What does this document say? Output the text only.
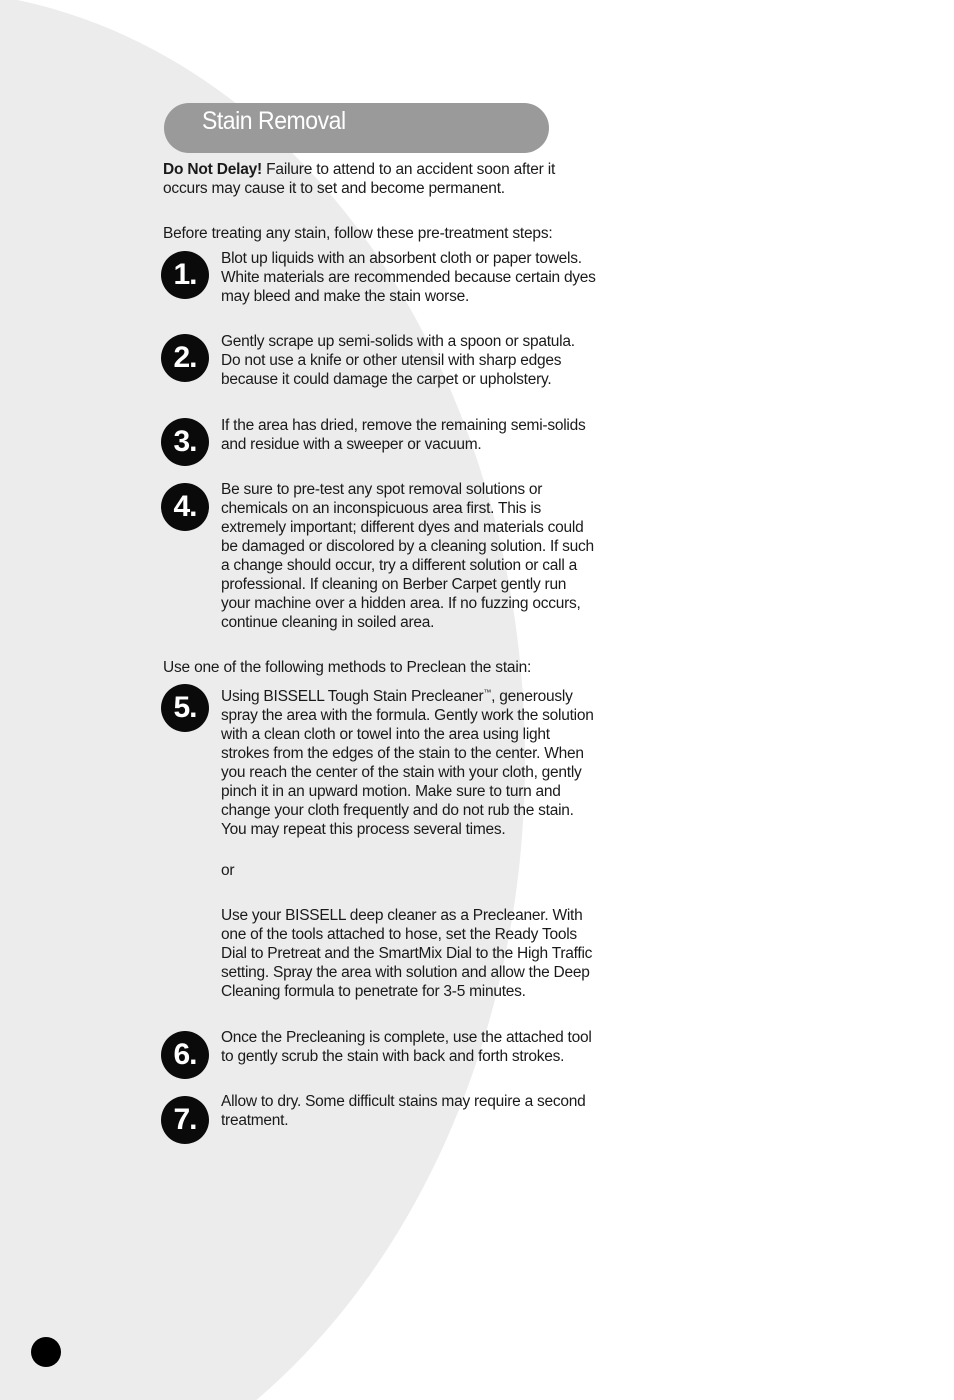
Stain Removal
Do Not Delay! Failure to attend to an accident soon after it occurs may cause it to set and become permanent.
Before treating any stain, follow these pre-treatment steps:
1.	Blot up liquids with an absorbent cloth or paper towels. White materials are recommended because certain dyes may bleed and make the stain worse.
2.	Gently scrape up semi-solids with a spoon or spatula. Do not use a knife or other utensil with sharp edges because it could damage the carpet or upholstery.
3.	If the area has dried, remove the remaining semi-solids and residue with a sweeper or vacuum.
4.
Be sure to pre-test any spot removal solutions or chemicals on an inconspicuous area first. This is extremely important; different dyes and materials could be damaged or discolored by a cleaning solution. If such a change should occur, try a different solution or call a professional. If cleaning on Berber Carpet gently run your machine over a hidden area. If no fuzzing occurs, continue cleaning in soiled area.
Use one of the following methods to Preclean the stain:
5.	Using BISSELL Tough Stain Precleaner™, generously spray the area with the formula. Gently work the solution with a clean cloth or towel into the area using light strokes from the edges of the stain to the center. When you reach the center of the stain with your cloth, gently pinch it in an upward motion. Make sure to turn and change your cloth frequently and do not rub the stain. You may repeat this process several times.
or
Use your BISSELL deep cleaner as a Precleaner. With one of the tools attached to hose, set the Ready Tools Dial to Pretreat and the SmartMix Dial to the High Traffic setting. Spray the area with solution and allow the Deep Cleaning formula to penetrate for 3-5 minutes.
6.
Once the Precleaning is complete, use the attached tool to gently scrub the stain with back and forth strokes.
7.
Allow to dry. Some difficult stains may require a second treatment.
